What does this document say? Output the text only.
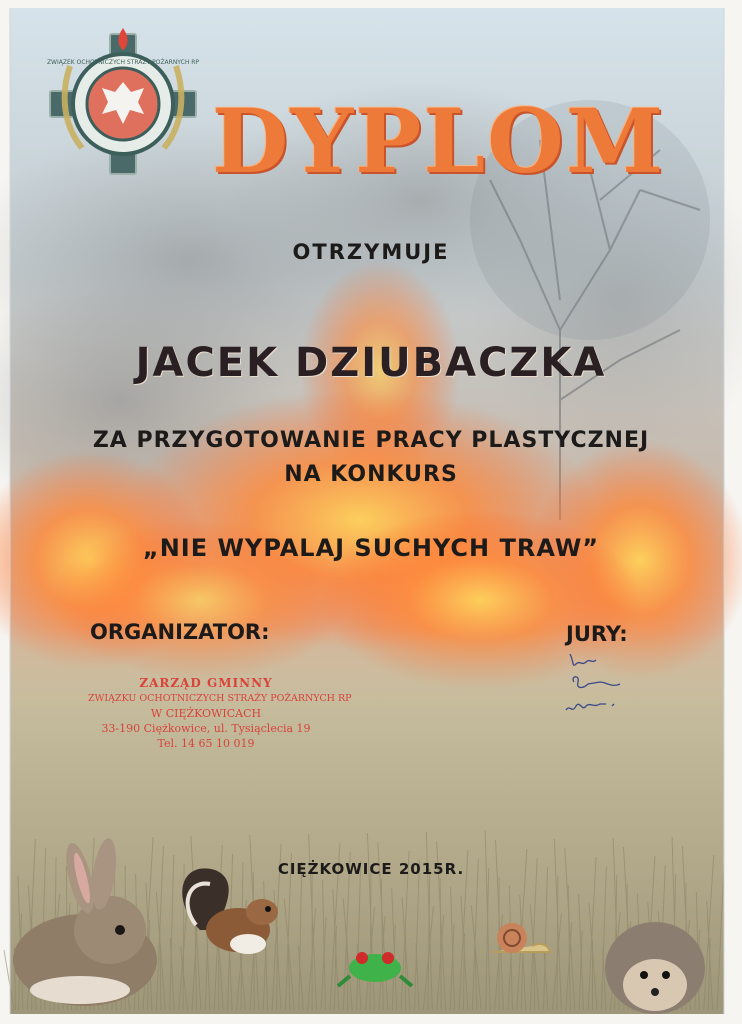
ZWIĄZEK OCHOTNICZYCH STRAŻY POŻARNYCH RP
DYPLOM

OTRZYMUJE

JACEK DZIUBACZKA

ZA PRZYGOTOWANIE PRACY PLASTYCZNEJ

NA KONKURS

„NIE WYPALAJ SUCHYCH TRAW”

ORGANIZATOR:	JURY:
ZARZĄD GMINNY
ZWIĄZKU OCHOTNICZYCH STRAŻY POŻARNYCH RP
W CIĘŻKOWICACH
33-190 Ciężkowice, ul. Tysiąclecia 19
Tel. 14 65 10 019

CIĘŻKOWICE 2015R.
